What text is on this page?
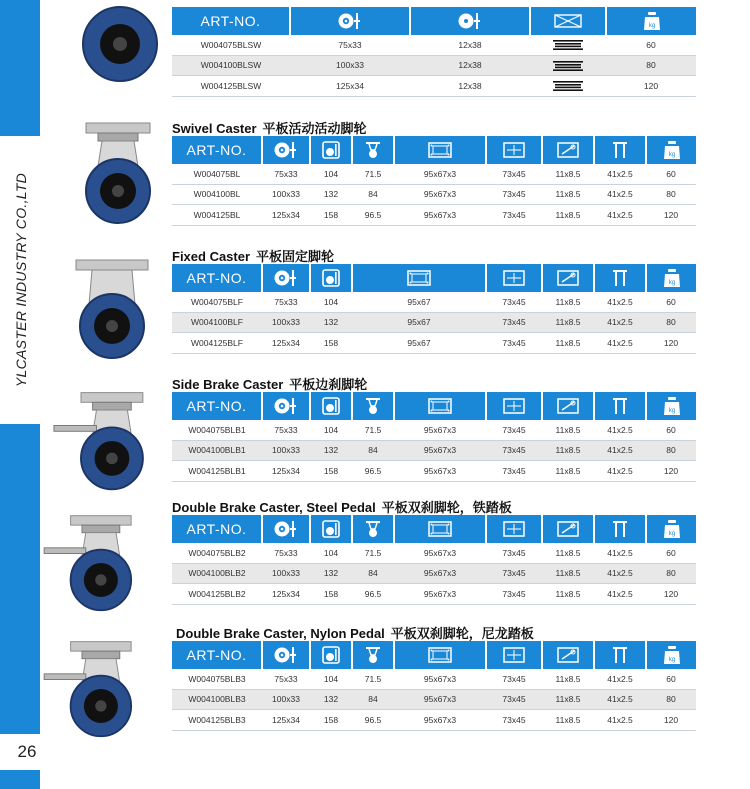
YLCASTER INDUSTRY CO.,LTD
26
ART-NO.	

W004075BLSW	75x33	12x38		60
W004100BLSW	100x33	12x38		80
W004125BLSW	125x34	12x38		120
Swivel Caster 平板活动活动脚轮
ART-NO.	

W004075BL	75x33	104	71.5	95x67x3	73x45	11x8.5	41x2.5	60
W004100BL	100x33	132	84	95x67x3	73x45	11x8.5	41x2.5	80
W004125BL	125x34	158	96.5	95x67x3	73x45	11x8.5	41x2.5	120
Fixed Caster 平板固定脚轮
ART-NO.	

W004075BLF	75x33	104	95x67	73x45	11x8.5	41x2.5	60
W004100BLF	100x33	132	95x67	73x45	11x8.5	41x2.5	80
W004125BLF	125x34	158	95x67	73x45	11x8.5	41x2.5	120
Side Brake Caster 平板边刹脚轮
ART-NO.	

W004075BLB1	75x33	104	71.5	95x67x3	73x45	11x8.5	41x2.5	60
W004100BLB1	100x33	132	84	95x67x3	73x45	11x8.5	41x2.5	80
W004125BLB1	125x34	158	96.5	95x67x3	73x45	11x8.5	41x2.5	120
Double Brake Caster, Steel Pedal 平板双刹脚轮，铁踏板
ART-NO.	

W004075BLB2	75x33	104	71.5	95x67x3	73x45	11x8.5	41x2.5	60
W004100BLB2	100x33	132	84	95x67x3	73x45	11x8.5	41x2.5	80
W004125BLB2	125x34	158	96.5	95x67x3	73x45	11x8.5	41x2.5	120
Double Brake Caster, Nylon Pedal 平板双刹脚轮，尼龙踏板
ART-NO.	

W004075BLB3	75x33	104	71.5	95x67x3	73x45	11x8.5	41x2.5	60
W004100BLB3	100x33	132	84	95x67x3	73x45	11x8.5	41x2.5	80
W004125BLB3	125x34	158	96.5	95x67x3	73x45	11x8.5	41x2.5	120
